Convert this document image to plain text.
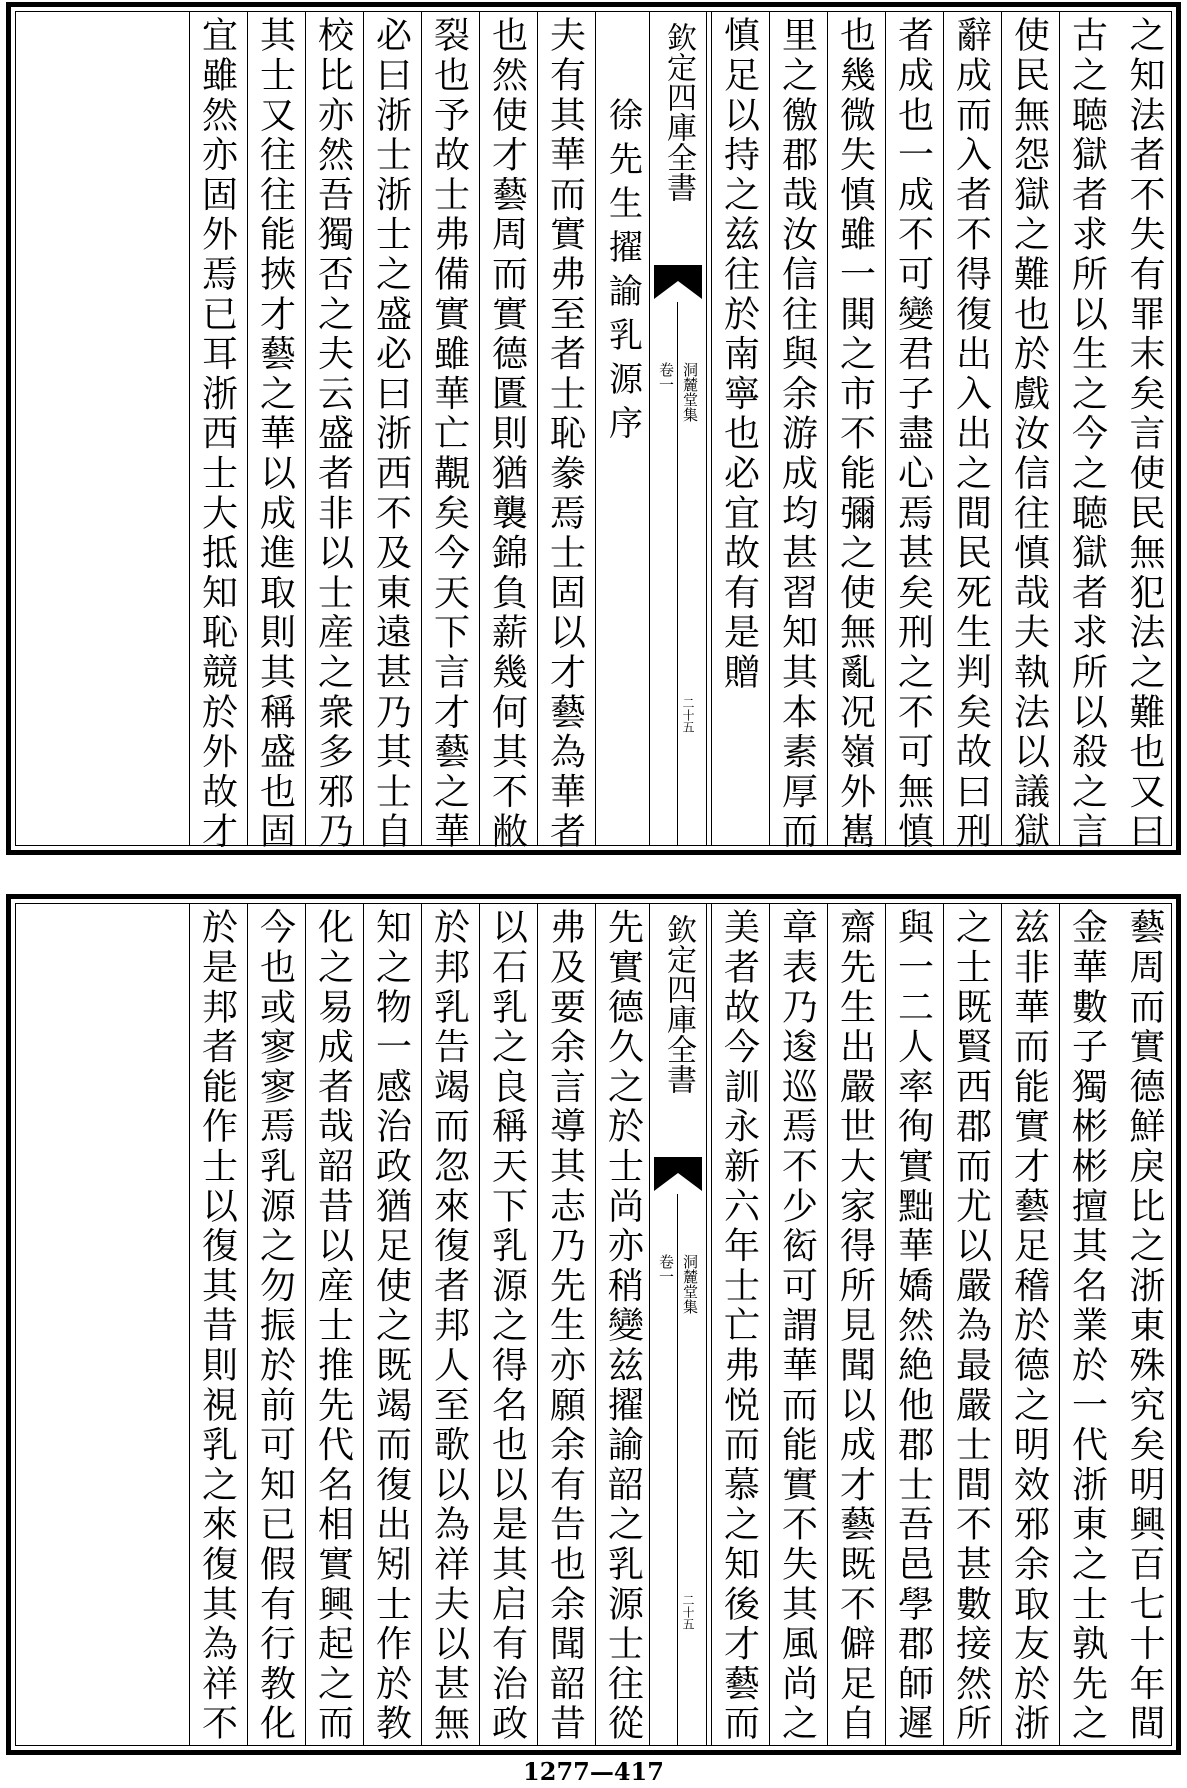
之知法者不失有罪末矣言使民無犯法之難也又曰
古之聴獄者求所以生之今之聴獄者求所以殺之言
使民無怨獄之難也於戲汝信往慎哉夫執法以議獄
辭成而入者不得復出入出之間民死生判矣故曰刑
者成也一成不可變君子盡心焉甚矣刑之不可無慎
也幾微失慎雖一閧之市不能彌之使無亂况嶺外嶲
里之徼郡哉汝信往與余游成均甚習知其本素厚而
慎足以持之兹往於南寧也必宜故有是贈
欽定四庫全書
洞麓堂集
卷一
二十五
徐先生擢諭乳源序
夫有其華而實弗至者士恥豢焉士固以才藝為華者
也然使才藝周而實德匱則猶襲錦負薪幾何其不敝
裂也予故士弗備實雖華亡覯矣今天下言才藝之華
必曰浙士浙士之盛必曰浙西不及東遠甚乃其士自
校比亦然吾獨否之夫云盛者非以士産之衆多邪乃
其士又往往能挾才藝之華以成進取則其稱盛也固
宜雖然亦固外焉已耳浙西士大抵知恥競於外故才
藝周而實德鮮戾比之浙東殊究矣明興百七十年間
金華數子獨彬彬擅其名業於一代浙東之士孰先之
兹非華而能實才藝足稽於德之明效邪余取友於浙
之士既賢西郡而尤以嚴為最嚴士間不甚數接然所
與一二人率徇實黜華嬌然絶他郡士吾邑學郡師遲
齋先生出嚴世大家得所見聞以成才藝既不僻足自
章表乃逡巡焉不少衒可謂華而能實不失其風尚之
美者故今訓永新六年士亡弗悦而慕之知後才藝而
欽定四庫全書
洞麓堂集
卷一
二十五
先實德久之於士尚亦稍變兹擢諭韶之乳源士往從
弗及要余言導其志乃先生亦願余有告也余聞韶昔
以石乳之良稱天下乳源之得名也以是其启有治政
於邦乳告竭而忽來復者邦人至歌以為祥夫以甚無
知之物一感治政猶足使之既竭而復出矧士作於教
化之易成者哉韶昔以産士推先代名相實興起之而
今也或寥寥焉乳源之勿振於前可知已假有行教化
於是邦者能作士以復其昔則視乳之來復其為祥不
1277—417
